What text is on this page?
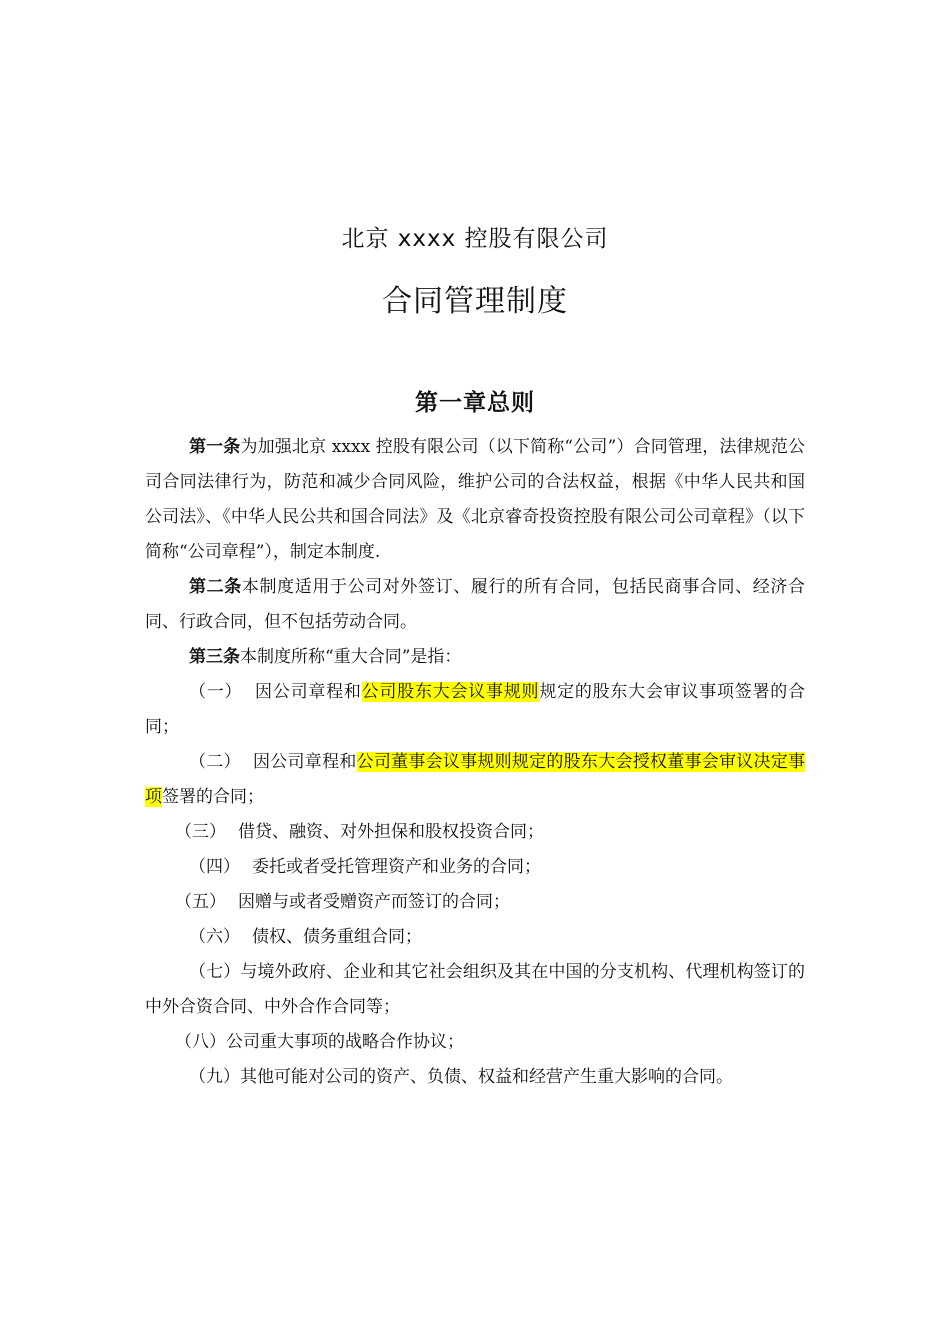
北京 xxxx 控股有限公司
合同管理制度
第一章总则

第一条为加强北京 xxxx 控股有限公司（以下简称“公司”）合同管理，法律规范公司合同法律行为，防范和减少合同风险，维护公司的合法权益，根据《中华人民共和国公司法》、《中华人民公共和国合同法》及《北京睿奇投资控股有限公司公司章程》（以下简称“公司章程”），制定本制度.

第二条本制度适用于公司对外签订、履行的所有合同，包括民商事合同、经济合同、行政合同，但不包括劳动合同。

第三条本制度所称“重大合同”是指：

（一） 因公司章程和公司股东大会议事规则规定的股东大会审议事项签署的合同；

（二） 因公司章程和公司董事会议事规则规定的股东大会授权董事会审议决定事项签署的合同；

（三） 借贷、融资、对外担保和股权投资合同；

（四） 委托或者受托管理资产和业务的合同；

（五） 因赠与或者受赠资产而签订的合同；

（六） 债权、债务重组合同；

（七）与境外政府、企业和其它社会组织及其在中国的分支机构、代理机构签订的中外合资合同、中外合作合同等；

（八）公司重大事项的战略合作协议；

（九）其他可能对公司的资产、负债、权益和经营产生重大影响的合同。
